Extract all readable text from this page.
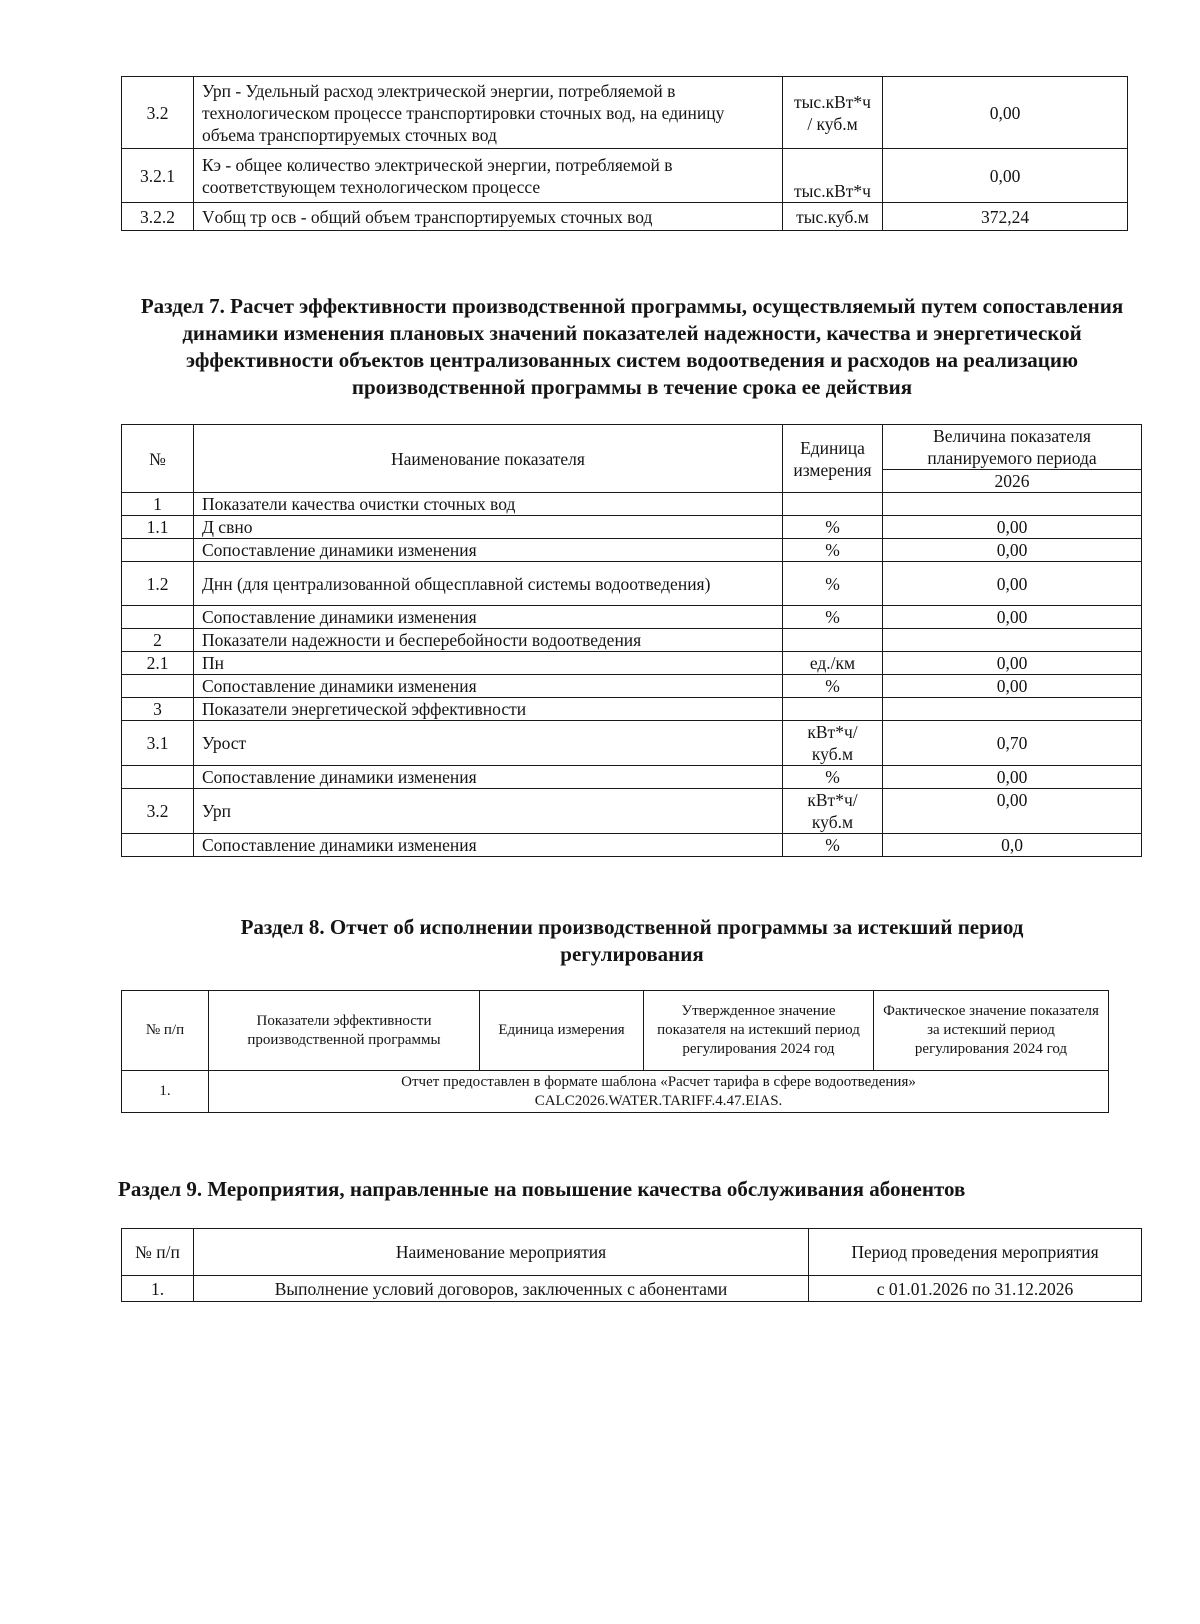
3.2	Урп - Удельный расход электрической энергии, потребляемой в технологическом процессе транспортировки сточных вод, на единицу объема транспортируемых сточных вод	тыс.кВт*ч / куб.м	0,00
3.2.1	Кэ - общее количество электрической энергии, потребляемой в соответствующем технологическом процессе	тыс.кВт*ч	0,00
3.2.2	Vобщ тр осв - общий объем транспортируемых сточных вод	тыс.куб.м	372,24

Раздел 7. Расчет эффективности производственной программы, осуществляемый путем сопоставления динамики изменения плановых значений показателей надежности, качества и энергетической эффективности объектов централизованных систем водоотведения и расходов на реализацию производственной программы в течение срока ее действия

№	Наименование показателя	Единица измерения	Величина показателя планируемого периода
			2026
1	Показатели качества очистки сточных вод		
1.1	Д свно	%	0,00
	Сопоставление динамики изменения	%	0,00
1.2	Днн (для централизованной общесплавной системы водоотведения)	%	0,00
	Сопоставление динамики изменения	%	0,00
2	Показатели надежности и бесперебойности водоотведения		
2.1	Пн	ед./км	0,00
	Сопоставление динамики изменения	%	0,00
3	Показатели энергетической эффективности		
3.1	Урост	кВт*ч/ куб.м	0,70
	Сопоставление динамики изменения	%	0,00
3.2	Урп	кВт*ч/ куб.м	0,00
	Сопоставление динамики изменения	%	0,0

Раздел 8. Отчет об исполнении производственной программы за истекший период регулирования

№ п/п	Показатели эффективности производственной программы	Единица измерения	Утвержденное значение показателя на истекший период регулирования 2024 год	Фактическое значение показателя за истекший период регулирования 2024 год
1.	Отчет предоставлен в формате шаблона «Расчет тарифа в сфере водоотведения» CALC2026.WATER.TARIFF.4.47.EIAS.			

Раздел 9. Мероприятия, направленные на повышение качества обслуживания абонентов

№ п/п	Наименование мероприятия	Период проведения мероприятия
1.	Выполнение условий договоров, заключенных с абонентами	с 01.01.2026 по 31.12.2026
